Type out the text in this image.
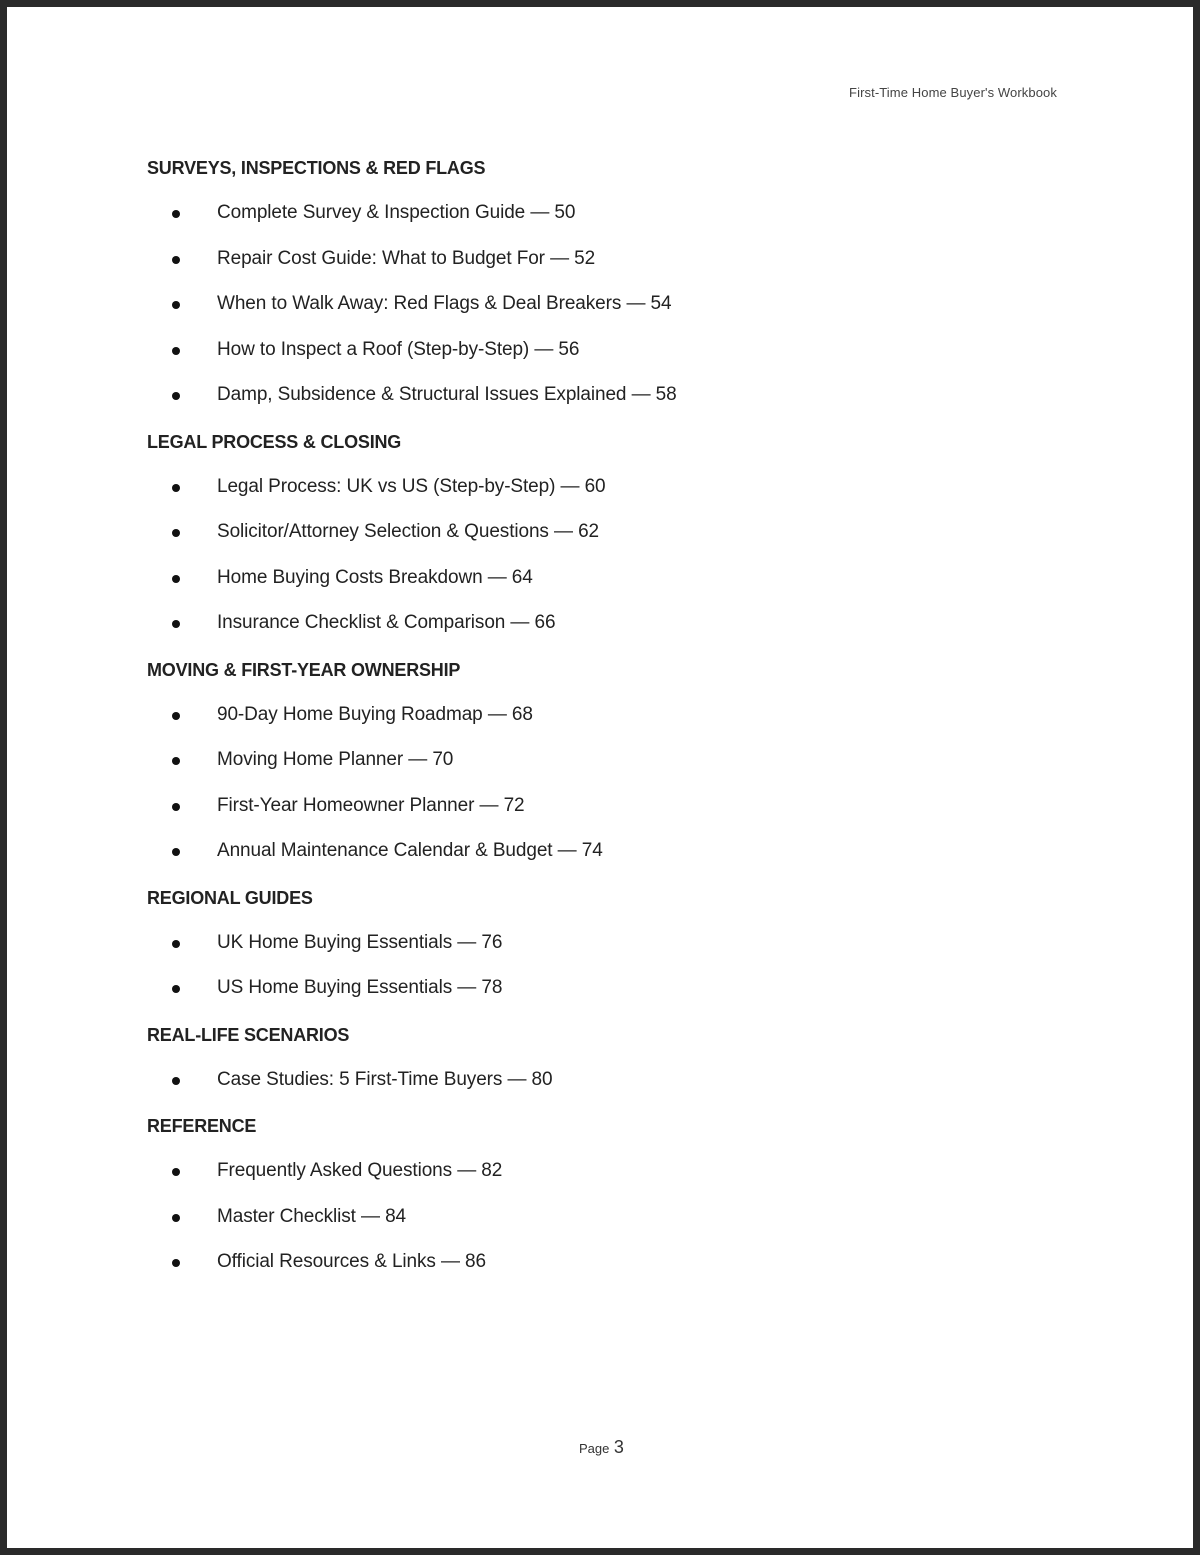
First-Time Home Buyer's Workbook
SURVEYS, INSPECTIONS & RED FLAGS
Complete Survey & Inspection Guide — 50
Repair Cost Guide: What to Budget For — 52
When to Walk Away: Red Flags & Deal Breakers — 54
How to Inspect a Roof (Step-by-Step) — 56
Damp, Subsidence & Structural Issues Explained — 58
LEGAL PROCESS & CLOSING
Legal Process: UK vs US (Step-by-Step) — 60
Solicitor/Attorney Selection & Questions — 62
Home Buying Costs Breakdown — 64
Insurance Checklist & Comparison — 66
MOVING & FIRST-YEAR OWNERSHIP
90-Day Home Buying Roadmap — 68
Moving Home Planner — 70
First-Year Homeowner Planner — 72
Annual Maintenance Calendar & Budget — 74
REGIONAL GUIDES
UK Home Buying Essentials — 76
US Home Buying Essentials — 78
REAL-LIFE SCENARIOS
Case Studies: 5 First-Time Buyers — 80
REFERENCE
Frequently Asked Questions — 82
Master Checklist — 84
Official Resources & Links — 86
Page 3
